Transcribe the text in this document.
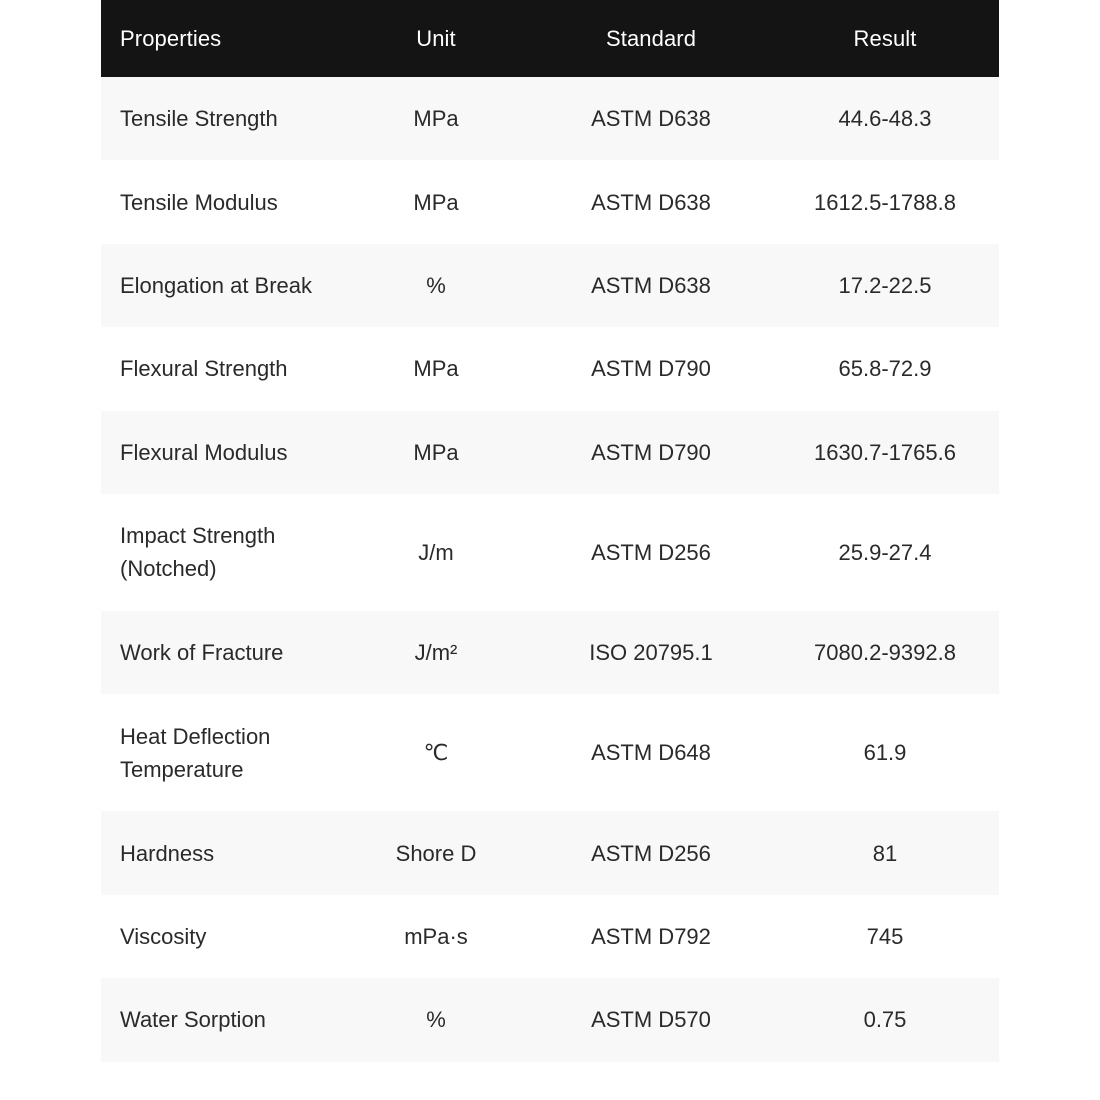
Properties	Unit	Standard	Result
Tensile Strength	MPa	ASTM D638	44.6-48.3
Tensile Modulus	MPa	ASTM D638	1612.5-1788.8
Elongation at Break	%	ASTM D638	17.2-22.5
Flexural Strength	MPa	ASTM D790	65.8-72.9
Flexural Modulus	MPa	ASTM D790	1630.7-1765.6
Impact Strength (Notched)	J/m	ASTM D256	25.9-27.4
Work of Fracture	J/m²	ISO 20795.1	7080.2-9392.8
Heat Deflection Temperature	℃	ASTM D648	61.9
Hardness	Shore D	ASTM D256	81
Viscosity	mPa·s	ASTM D792	745
Water Sorption	%	ASTM D570	0.75
